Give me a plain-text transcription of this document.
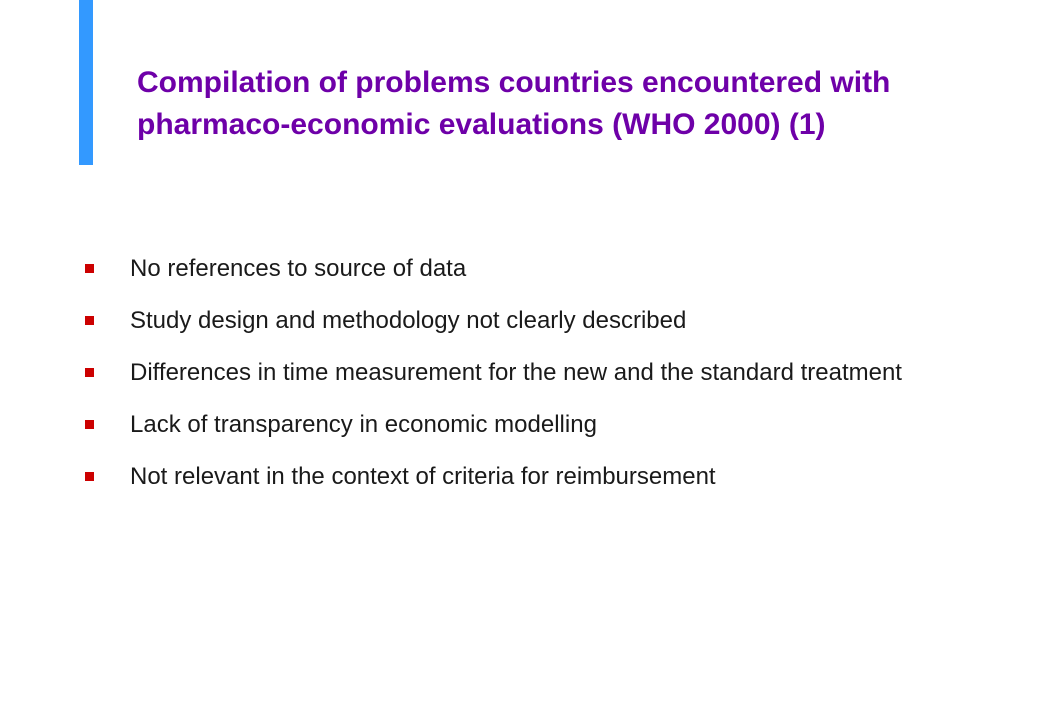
Compilation of problems countries encountered with pharmaco-economic evaluations (WHO 2000) (1)
No references to source of data
Study design and methodology not clearly described
Differences in time measurement for the new and the standard treatment
Lack of transparency in economic modelling
Not relevant in the context of criteria for reimbursement
